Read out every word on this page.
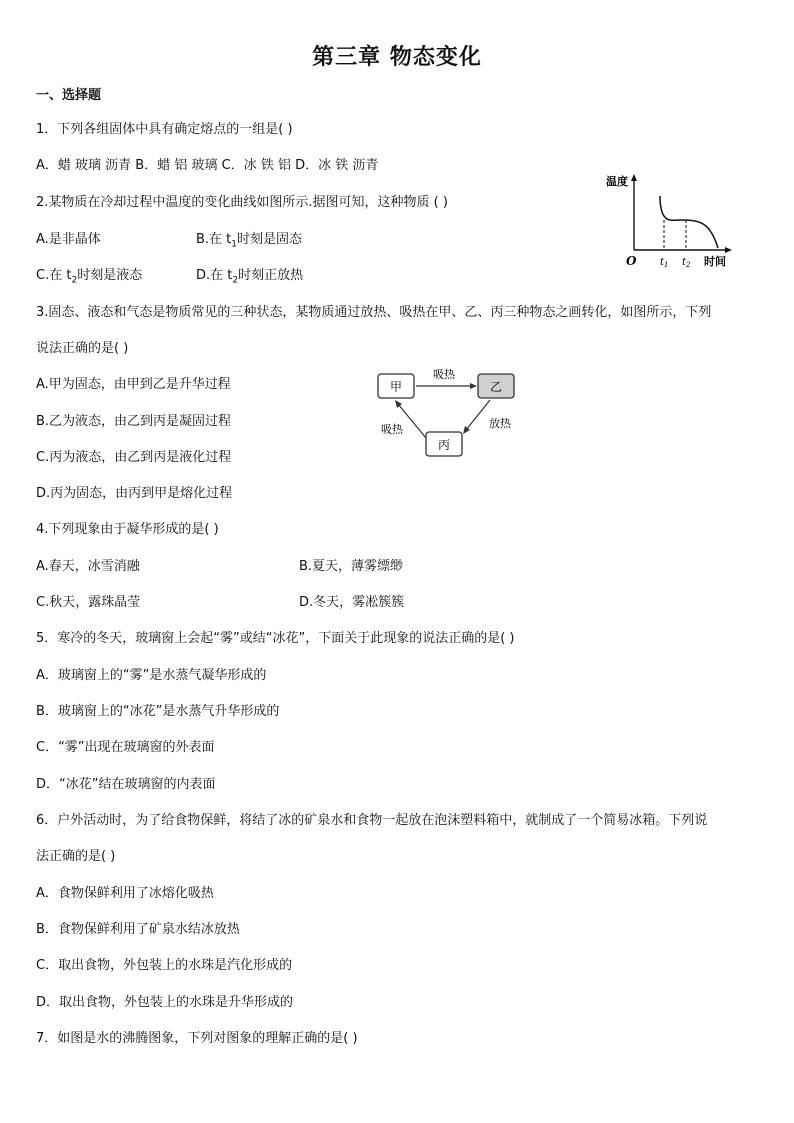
第三章 物态变化
一、选择题
1．下列各组固体中具有确定熔点的一组是( )
A．蜡 玻璃 沥青 B．蜡 铝 玻璃 C．冰 铁 铝 D．冰 铁 沥青
2.某物质在冷却过程中温度的变化曲线如图所示.据图可知，这种物质 ( )
A.是非晶体	B.在 $t_1$时刻是固态
C.在 $t_2$时刻是液态	D.在 $t_2$时刻正放热
温度
时间
O $t_1$ $t_2$
3.固态、液态和气态是物质常见的三种状态，某物质通过放热、吸热在甲、乙、丙三种物态之画转化，如图所示，下列
说法正确的是( )
A.甲为固态，由甲到乙是升华过程
B.乙为液态，由乙到丙是凝固过程
C.丙为液态，由乙到丙是液化过程
D.丙为固态，由丙到甲是熔化过程
甲	乙
丙
吸热
放热
吸热
4.下列现象由于凝华形成的是( )
A.春天，冰雪消融	B.夏天，薄雾缥缈
C.秋天，露珠晶莹	D.冬天，雾凇簇簇
5．寒冷的冬天，玻璃窗上会起“雾”或结“冰花”，下面关于此现象的说法正确的是( )
A．玻璃窗上的“雾”是水蒸气凝华形成的
B．玻璃窗上的“冰花”是水蒸气升华形成的
C．“雾”出现在玻璃窗的外表面
D．“冰花”结在玻璃窗的内表面
6．户外活动时，为了给食物保鲜，将结了冰的矿泉水和食物一起放在泡沫塑料箱中，就制成了一个简易冰箱。下列说
法正确的是( )
A．食物保鲜利用了冰熔化吸热
B．食物保鲜利用了矿泉水结冰放热
C．取出食物，外包装上的水珠是汽化形成的
D．取出食物，外包装上的水珠是升华形成的
7．如图是水的沸腾图象，下列对图象的理解正确的是( )
